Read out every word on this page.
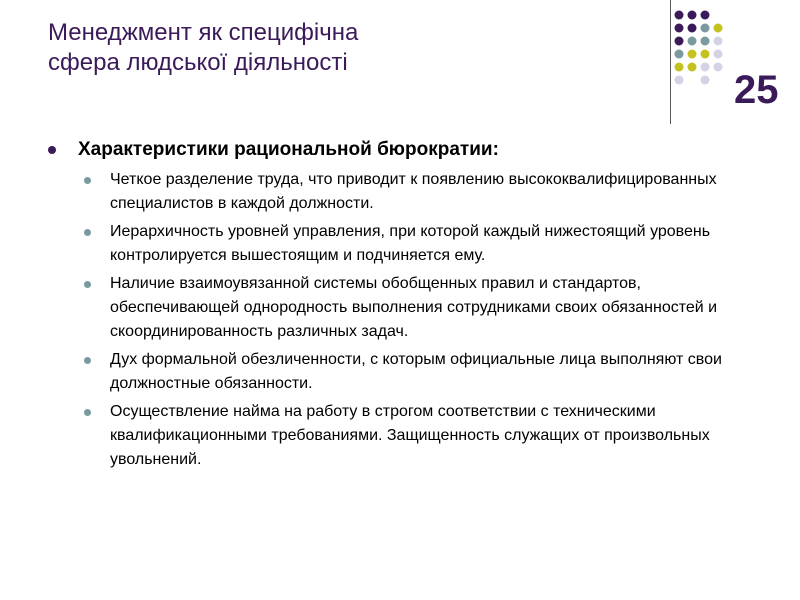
Менеджмент як специфічна
сфера людської діяльності
25
Характеристики рациональной бюрократии:
Четкое разделение труда, что приводит к появлению высококвалифицированных специалистов в каждой должности.
Иерархичность уровней управления, при которой каждый нижестоящий уровень контролируется вышестоящим и подчиняется ему.
Наличие взаимоувязанной системы обобщенных правил и стандартов, обеспечивающей однородность выполнения сотрудниками своих обязанностей и скоординированность различных задач.
Дух формальной обезличенности, с которым официальные лица выполняют свои должностные обязанности.
Осуществление найма на работу в строгом соответствии с техническими квалификационными требованиями. Защищенность служащих от произвольных увольнений.
